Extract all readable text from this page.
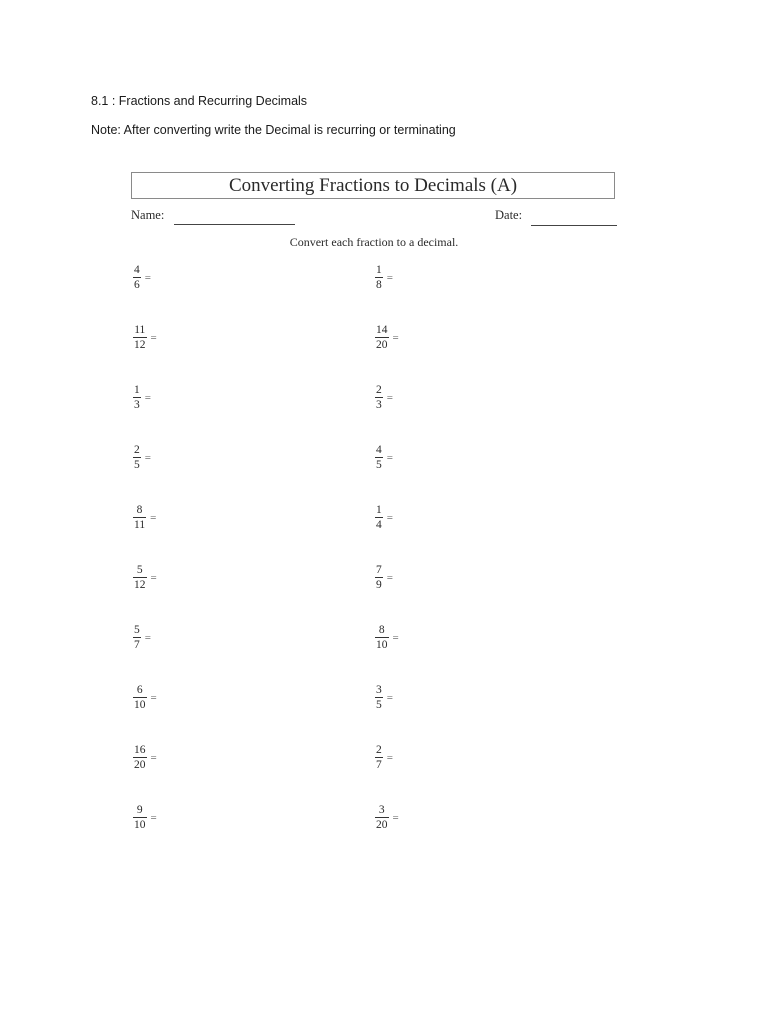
8.1 : Fractions and Recurring Decimals
Note: After converting write the Decimal is recurring or terminating
Converting Fractions to Decimals (A)
Name:	Date:
Convert each fraction to a decimal.
$\frac{4}{6}$ =
$\frac{11}{12}$ =
$\frac{1}{3}$ =
$\frac{2}{5}$ =
$\frac{8}{11}$ =
$\frac{5}{12}$ =
$\frac{5}{7}$ =
$\frac{6}{10}$ =
$\frac{16}{20}$ =
$\frac{9}{10}$ =
$\frac{1}{8}$ =
$\frac{14}{20}$ =
$\frac{2}{3}$ =
$\frac{4}{5}$ =
$\frac{1}{4}$ =
$\frac{7}{9}$ =
$\frac{8}{10}$ =
$\frac{3}{5}$ =
$\frac{2}{7}$ =
$\frac{3}{20}$ =
